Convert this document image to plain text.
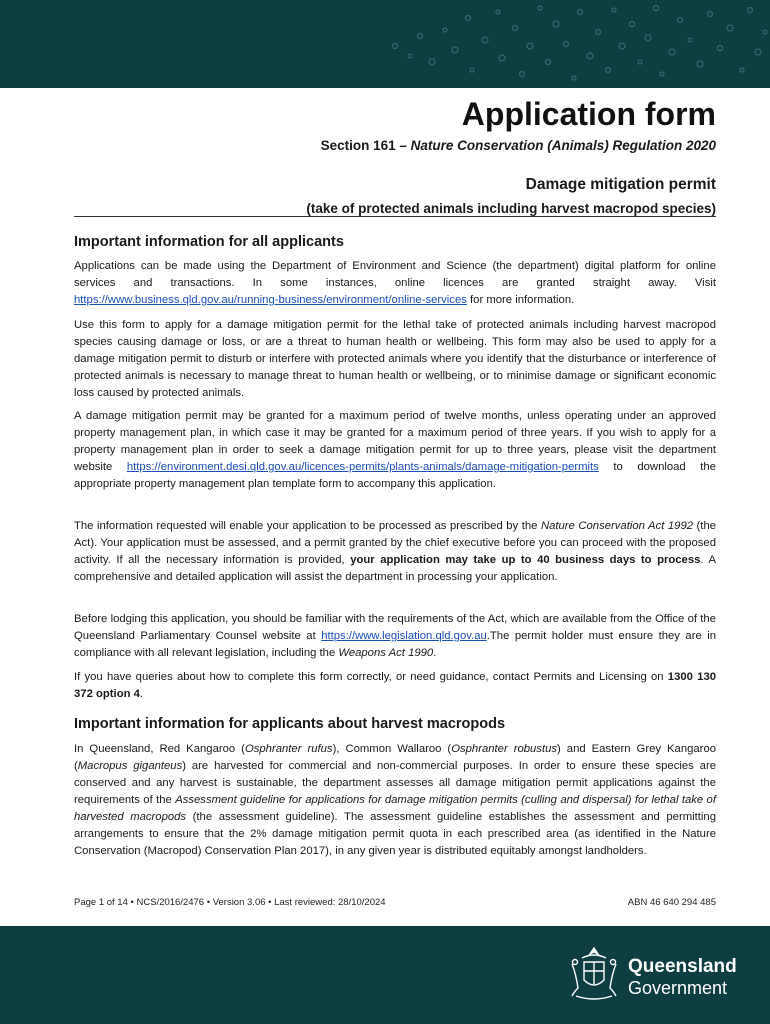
Application form

Section 161 – Nature Conservation (Animals) Regulation 2020

Damage mitigation permit

(take of protected animals including harvest macropod species)

Important information for all applicants

Applications can be made using the Department of Environment and Science (the department) digital platform for online services and transactions. In some instances, online licences are granted straight away. Visit https://www.business.qld.gov.au/running-business/environment/online-services for more information.

Use this form to apply for a damage mitigation permit for the lethal take of protected animals including harvest macropod species causing damage or loss, or are a threat to human health or wellbeing. This form may also be used to apply for a damage mitigation permit to disturb or interfere with protected animals where you identify that the disturbance or interference of protected animals is necessary to manage threat to human health or wellbeing, or to minimise damage or significant economic loss caused by protected animals.

A damage mitigation permit may be granted for a maximum period of twelve months, unless operating under an approved property management plan, in which case it may be granted for a maximum period of three years. If you wish to apply for a property management plan in order to seek a damage mitigation permit for up to three years, please visit the department website https://environment.desi.qld.gov.au/licences-permits/plants-animals/damage-mitigation-permits to download the appropriate property management plan template form to accompany this application.

The information requested will enable your application to be processed as prescribed by the Nature Conservation Act 1992 (the Act). Your application must be assessed, and a permit granted by the chief executive before you can proceed with the proposed activity. If all the necessary information is provided, your application may take up to 40 business days to process. A comprehensive and detailed application will assist the department in processing your application.

Before lodging this application, you should be familiar with the requirements of the Act, which are available from the Office of the Queensland Parliamentary Counsel website at https://www.legislation.qld.gov.au.The permit holder must ensure they are in compliance with all relevant legislation, including the Weapons Act 1990.

If you have queries about how to complete this form correctly, or need guidance, contact Permits and Licensing on 1300 130 372 option 4.

Important information for applicants about harvest macropods

In Queensland, Red Kangaroo (Osphranter rufus), Common Wallaroo (Osphranter robustus) and Eastern Grey Kangaroo (Macropus giganteus) are harvested for commercial and non-commercial purposes. In order to ensure these species are conserved and any harvest is sustainable, the department assesses all damage mitigation permit applications against the requirements of the Assessment guideline for applications for damage mitigation permits (culling and dispersal) for lethal take of harvested macropods (the assessment guideline). The assessment guideline establishes the assessment and permitting arrangements to ensure that the 2% damage mitigation permit quota in each prescribed area (as identified in the Nature Conservation (Macropod) Conservation Plan 2017), in any given year is distributed equitably amongst landholders.

Page 1 of 14 • NCS/2016/2476 • Version 3.06 • Last reviewed: 28/10/2024	ABN 46 640 294 485
Queensland
Government
